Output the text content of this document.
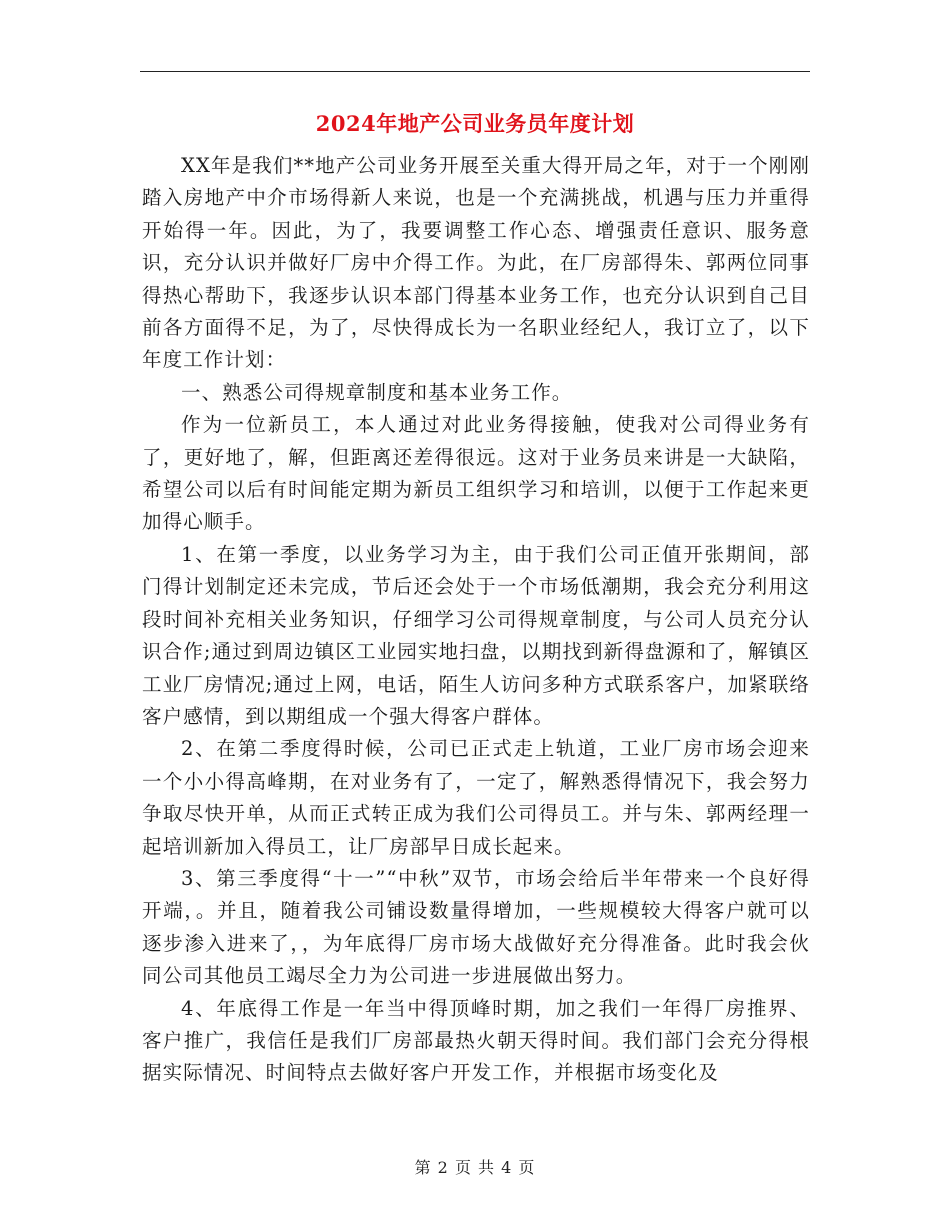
2024年地产公司业务员年度计划

XX年是我们**地产公司业务开展至关重大得开局之年，对于一个刚刚踏入房地产中介市场得新人来说，也是一个充满挑战，机遇与压力并重得开始得一年。因此，为了，我要调整工作心态、增强责任意识、服务意识，充分认识并做好厂房中介得工作。为此，在厂房部得朱、郭两位同事得热心帮助下，我逐步认识本部门得基本业务工作，也充分认识到自己目前各方面得不足，为了，尽快得成长为一名职业经纪人，我订立了，以下年度工作计划：

一、熟悉公司得规章制度和基本业务工作。

作为一位新员工，本人通过对此业务得接触，使我对公司得业务有了，更好地了，解，但距离还差得很远。这对于业务员来讲是一大缺陷，希望公司以后有时间能定期为新员工组织学习和培训，以便于工作起来更加得心顺手。

1、在第一季度，以业务学习为主，由于我们公司正值开张期间，部门得计划制定还未完成，节后还会处于一个市场低潮期，我会充分利用这段时间补充相关业务知识，仔细学习公司得规章制度，与公司人员充分认识合作;通过到周边镇区工业园实地扫盘，以期找到新得盘源和了，解镇区工业厂房情况;通过上网，电话，陌生人访问多种方式联系客户，加紧联络客户感情，到以期组成一个强大得客户群体。

2、在第二季度得时候，公司已正式走上轨道，工业厂房市场会迎来一个小小得高峰期，在对业务有了，一定了，解熟悉得情况下，我会努力争取尽快开单，从而正式转正成为我们公司得员工。并与朱、郭两经理一起培训新加入得员工，让厂房部早日成长起来。

3、第三季度得“十一”“中秋”双节，市场会给后半年带来一个良好得开端，。并且，随着我公司铺设数量得增加，一些规模较大得客户就可以逐步渗入进来了，，为年底得厂房市场大战做好充分得准备。此时我会伙同公司其他员工竭尽全力为公司进一步进展做出努力。

4、年底得工作是一年当中得顶峰时期，加之我们一年得厂房推界、客户推广，我信任是我们厂房部最热火朝天得时间。我们部门会充分得根据实际情况、时间特点去做好客户开发工作，并根据市场变化及

第 2 页 共 4 页
